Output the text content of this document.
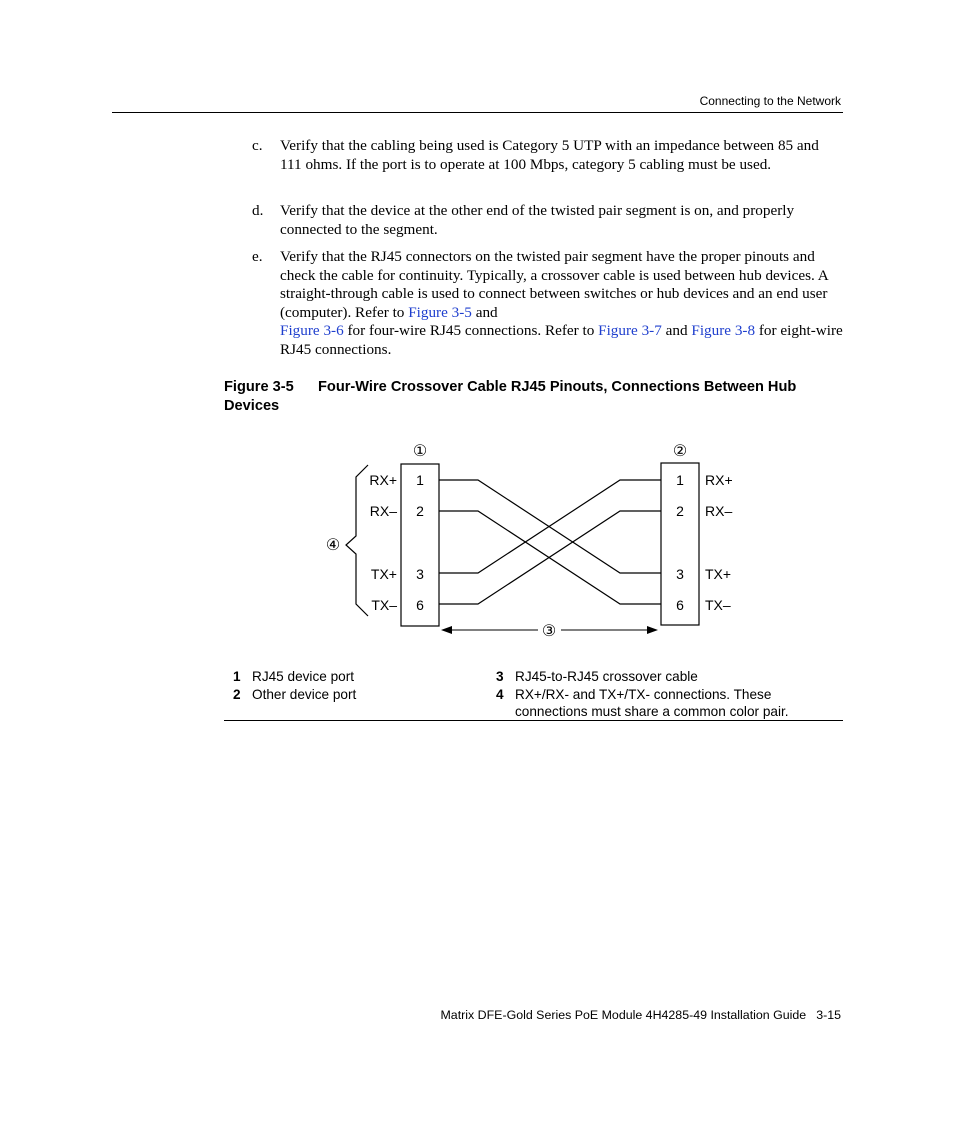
Connecting to the Network
c. Verify that the cabling being used is Category 5 UTP with an impedance between 85 and 111 ohms. If the port is to operate at 100 Mbps, category 5 cabling must be used.
d. Verify that the device at the other end of the twisted pair segment is on, and properly connected to the segment.
e. Verify that the RJ45 connectors on the twisted pair segment have the proper pinouts and check the cable for continuity. Typically, a crossover cable is used between hub devices. A straight-through cable is used to connect between switches or hub devices and an end user (computer). Refer to Figure 3-5 and
Figure 3-6 for four-wire RJ45 connections. Refer to Figure 3-7 and Figure 3-8 for eight-wire RJ45 connections.
Figure 3-5 Four-Wire Crossover Cable RJ45 Pinouts, Connections Between Hub Devices
①	②
④
③
1
2
3
6
RX+
RX–
TX+
TX–
1
2
3
6
RX+
RX–
TX+
TX–
1 RJ45 device port
2 Other device port
3 RJ45-to-RJ45 crossover cable
4 RX+/RX- and TX+/TX- connections. These connections must share a common color pair.
Matrix DFE-Gold Series PoE Module 4H4285-49 Installation Guide 3-15
